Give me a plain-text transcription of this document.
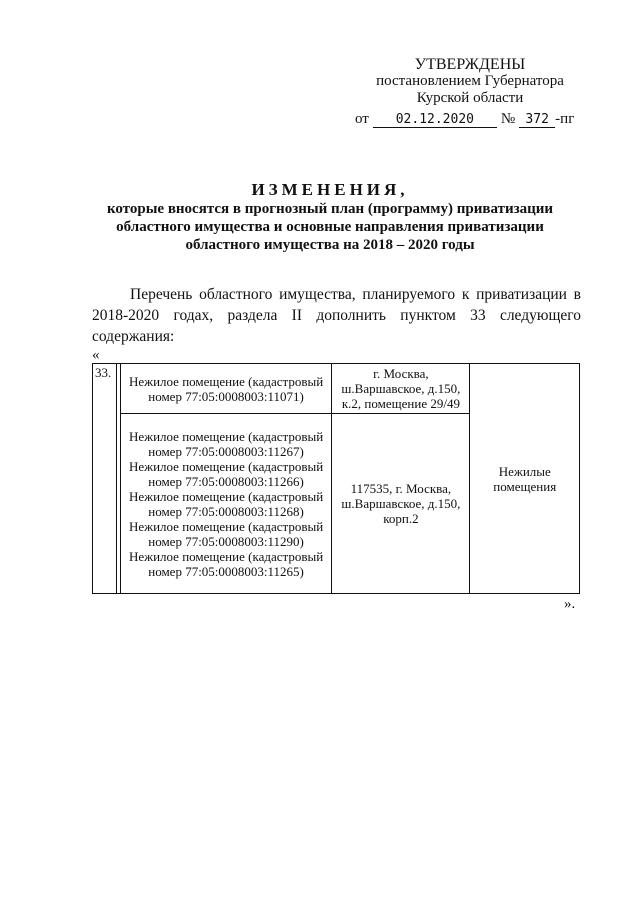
УТВЕРЖДЕНЫ
постановлением Губернатора
Курской области
от 02.12.2020 № 372 -пг
ИЗМЕНЕНИЯ,
которые вносятся в прогнозный план (программу) приватизации
областного имущества и основные направления приватизации
областного имущества на 2018 – 2020 годы
Перечень областного имущества, планируемого к приватизации в 2018-2020 годах, раздела II дополнить пунктом 33 следующего содержания:
«
33.		Нежилое помещение (кадастровый номер 77:05:0008003:11071)	г. Москва, ш.Варшавское, д.150, к.2, помещение 29/49	Нежилые помещения

		Нежилое помещение (кадастровый номер 77:05:0008003:11267)
Нежилое помещение (кадастровый номер 77:05:0008003:11266)
Нежилое помещение (кадастровый номер 77:05:0008003:11268)
Нежилое помещение (кадастровый номер 77:05:0008003:11290)
Нежилое помещение (кадастровый номер 77:05:0008003:11265)	117535, г. Москва, ш.Варшавское, д.150, корп.2	
».
